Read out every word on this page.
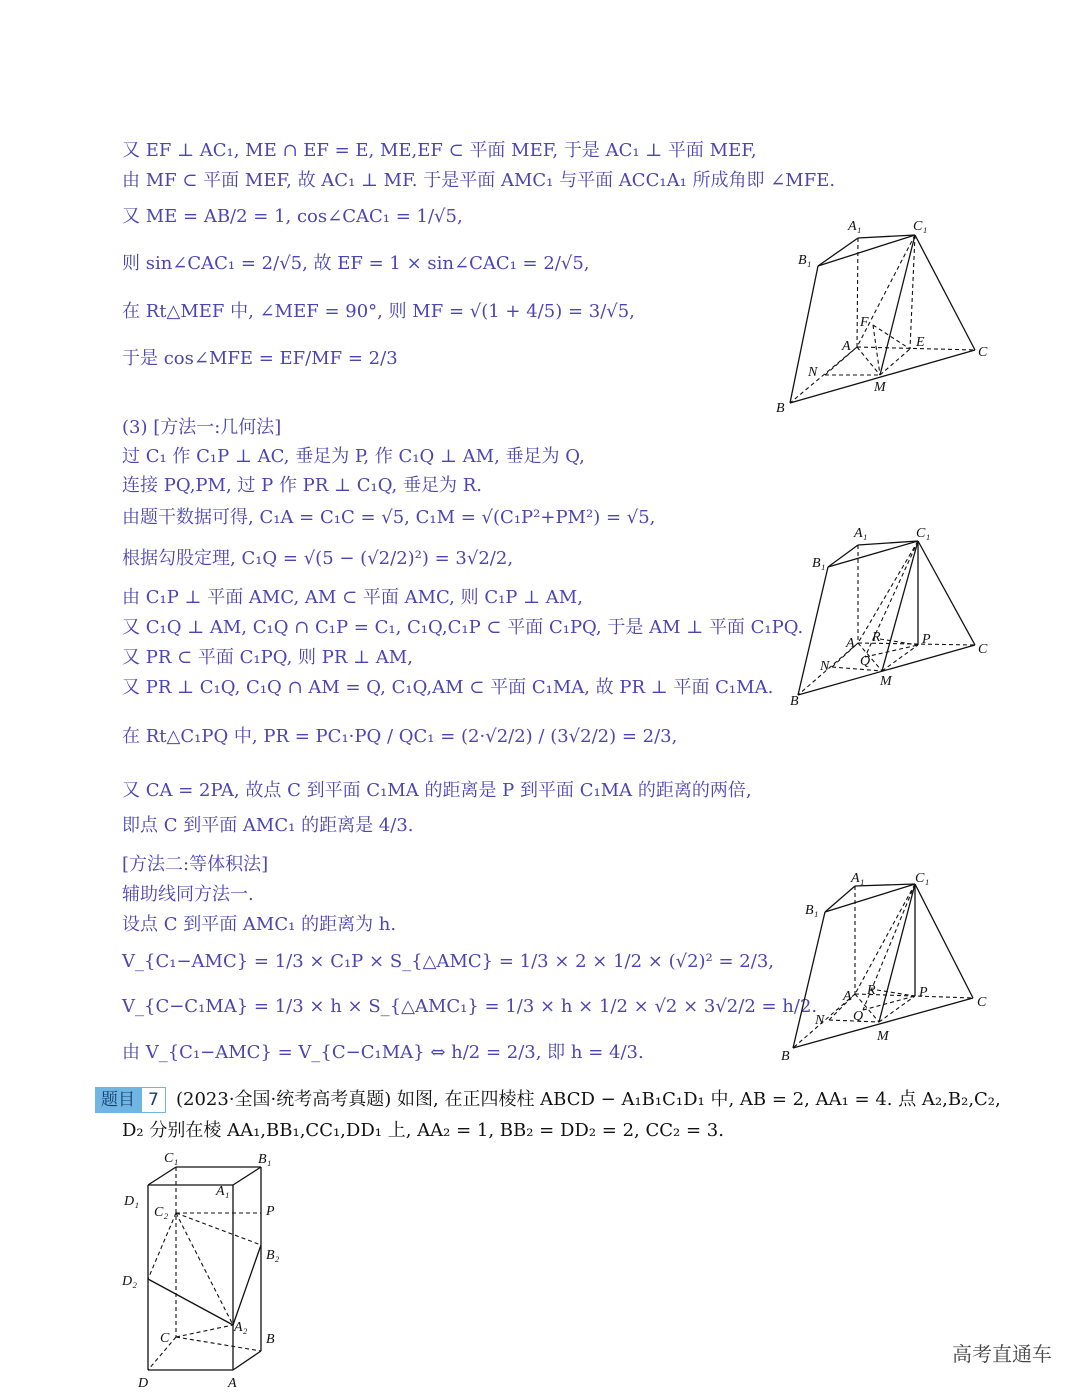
又 EF ⊥ AC₁, ME ∩ EF = E, ME,EF ⊂ 平面 MEF, 于是 AC₁ ⊥ 平面 MEF,
由 MF ⊂ 平面 MEF, 故 AC₁ ⊥ MF. 于是平面 AMC₁ 与平面 ACC₁A₁ 所成角即 ∠MFE.
又 ME = AB/2 = 1, cos∠CAC₁ = 1/√5,
则 sin∠CAC₁ = 2/√5, 故 EF = 1 × sin∠CAC₁ = 2/√5,
在 Rt△MEF 中, ∠MEF = 90°, 则 MF = √(1 + 4/5) = 3/√5,
于是 cos∠MFE = EF/MF = 2/3
(3) [方法一:几何法]
过 C₁ 作 C₁P ⊥ AC, 垂足为 P, 作 C₁Q ⊥ AM, 垂足为 Q,
连接 PQ,PM, 过 P 作 PR ⊥ C₁Q, 垂足为 R.
由题干数据可得, C₁A = C₁C = √5, C₁M = √(C₁P²+PM²) = √5,
根据勾股定理, C₁Q = √(5 − (√2/2)²) = 3√2/2,
由 C₁P ⊥ 平面 AMC, AM ⊂ 平面 AMC, 则 C₁P ⊥ AM,
又 C₁Q ⊥ AM, C₁Q ∩ C₁P = C₁, C₁Q,C₁P ⊂ 平面 C₁PQ, 于是 AM ⊥ 平面 C₁PQ.
又 PR ⊂ 平面 C₁PQ, 则 PR ⊥ AM,
又 PR ⊥ C₁Q, C₁Q ∩ AM = Q, C₁Q,AM ⊂ 平面 C₁MA, 故 PR ⊥ 平面 C₁MA.
在 Rt△C₁PQ 中, PR = PC₁·PQ / QC₁ = (2·√2/2) / (3√2/2) = 2/3,
又 CA = 2PA, 故点 C 到平面 C₁MA 的距离是 P 到平面 C₁MA 的距离的两倍,
即点 C 到平面 AMC₁ 的距离是 4/3.
[方法二:等体积法]
辅助线同方法一.
设点 C 到平面 AMC₁ 的距离为 h.
V_{C₁−AMC} = 1/3 × C₁P × S_{△AMC} = 1/3 × 2 × 1/2 × (√2)² = 2/3,
V_{C−C₁MA} = 1/3 × h × S_{△AMC₁} = 1/3 × h × 1/2 × √2 × 3√2/2 = h/2.
由 V_{C₁−AMC} = V_{C−C₁MA} ⇔ h/2 = 2/3, 即 h = 4/3.
A₁	C₁
B₁
F
A	E
C
N
M
B
A₁	C₁
B₁
A R	P
C
N Q
M
B
A₁	C₁
B₁
A R	P
C
N Q
M
B
题目 7 (2023·全国·统考高考真题) 如图, 在正四棱柱 ABCD − A₁B₁C₁D₁ 中, AB = 2, AA₁ = 4. 点 A₂,B₂,C₂,
D₂ 分别在棱 AA₁,BB₁,CC₁,DD₁ 上, AA₂ = 1, BB₂ = DD₂ = 2, CC₂ = 3.
C₁	B₁
A₁
D₁
C₂	P
B₂
D₂
A₂
C	B
D	A
高考直通车
